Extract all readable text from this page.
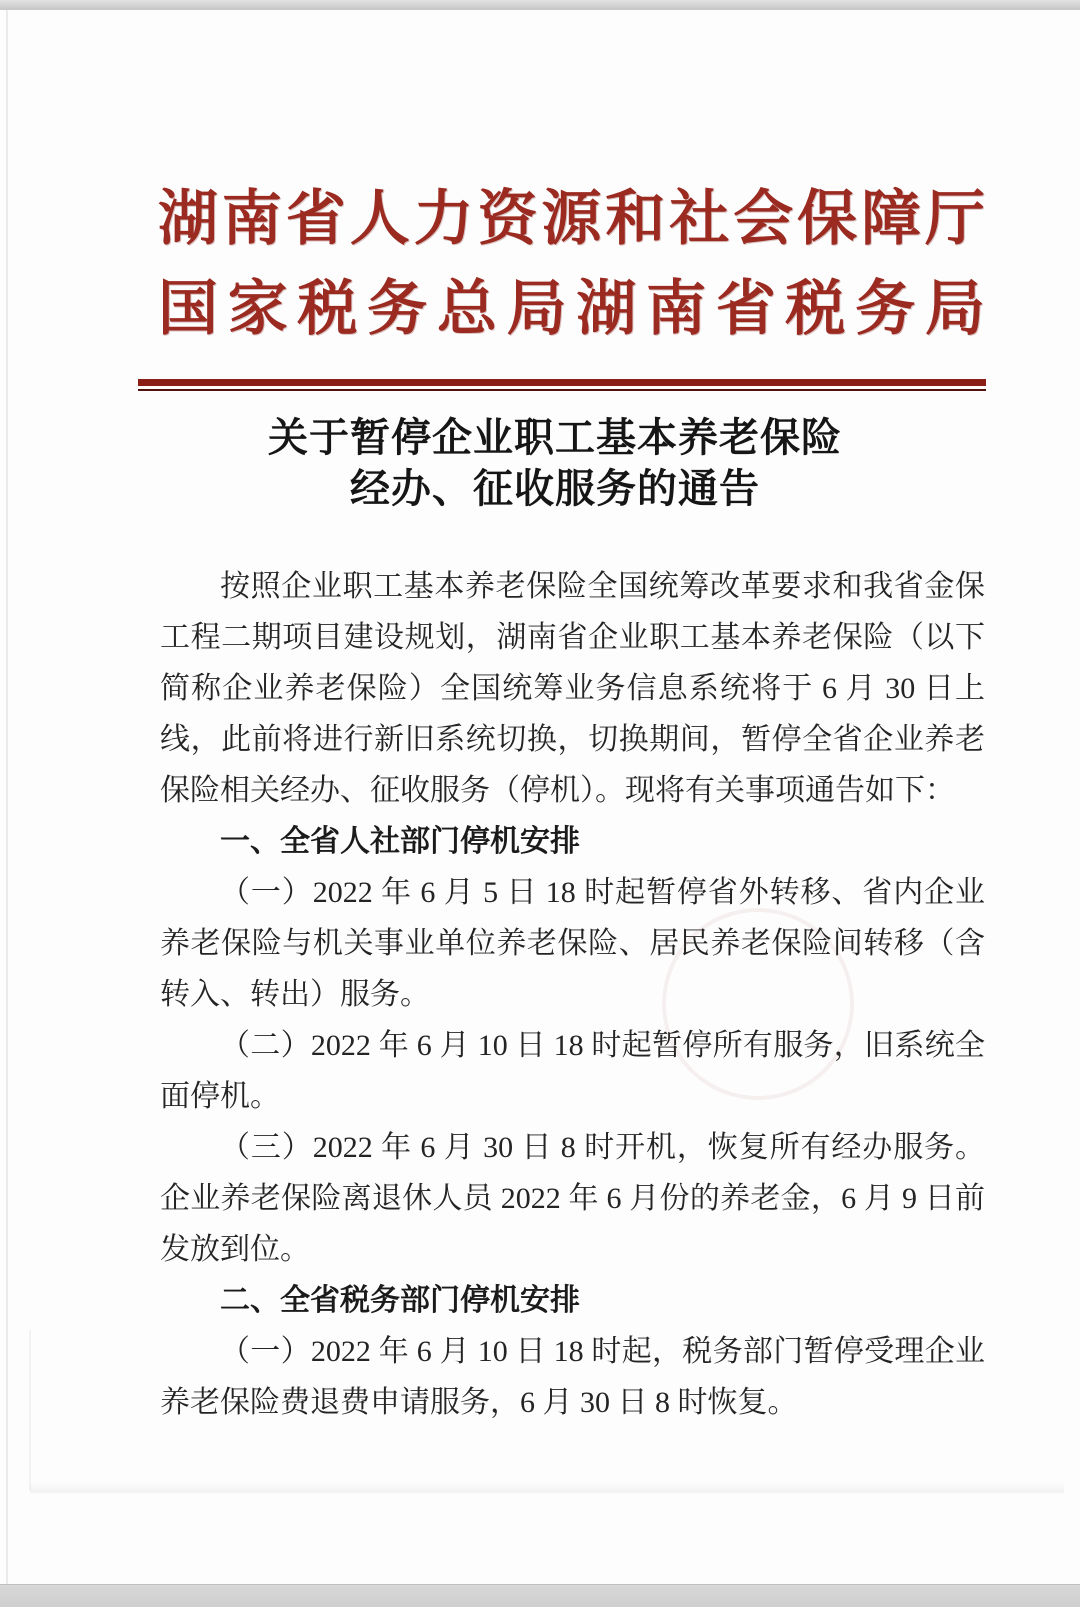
湖南省人力资源和社会保障厅
国家税务总局湖南省税务局
关于暂停企业职工基本养老保险
经办、征收服务的通告

按照企业职工基本养老保险全国统筹改革要求和我省金保工程二期项目建设规划，湖南省企业职工基本养老保险（以下简称企业养老保险）全国统筹业务信息系统将于 6 月 30 日上线，此前将进行新旧系统切换，切换期间，暂停全省企业养老保险相关经办、征收服务（停机）。现将有关事项通告如下：

一、全省人社部门停机安排

（一）2022 年 6 月 5 日 18 时起暂停省外转移、省内企业养老保险与机关事业单位养老保险、居民养老保险间转移（含转入、转出）服务。

（二）2022 年 6 月 10 日 18 时起暂停所有服务，旧系统全面停机。

（三）2022 年 6 月 30 日 8 时开机，恢复所有经办服务。企业养老保险离退休人员 2022 年 6 月份的养老金，6 月 9 日前发放到位。

二、全省税务部门停机安排

（一）2022 年 6 月 10 日 18 时起，税务部门暂停受理企业养老保险费退费申请服务，6 月 30 日 8 时恢复。
